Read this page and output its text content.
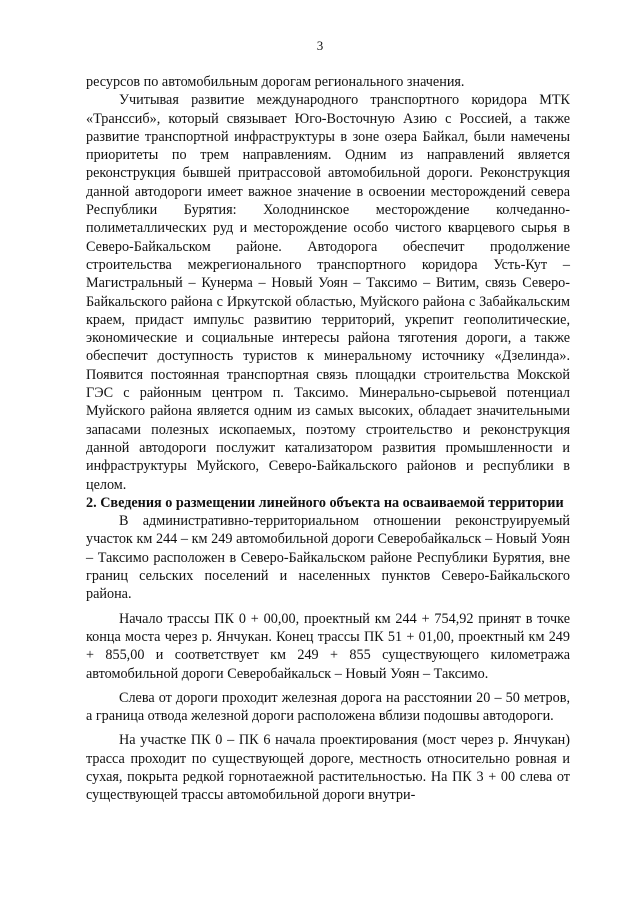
3

ресурсов по автомобильным дорогам регионального значения.

Учитывая развитие международного транспортного коридора МТК «Транссиб», который связывает Юго-Восточную Азию с Россией, а также развитие транспортной инфраструктуры в зоне озера Байкал, были намечены приоритеты по трем направлениям. Одним из направлений является реконструкция бывшей притрассовой автомобильной дороги. Реконструкция данной автодороги имеет важное значение в освоении месторождений севера Республики Бурятия: Холоднинское месторождение колчеданно-полиметаллических руд и месторождение особо чистого кварцевого сырья в Северо-Байкальском районе. Автодорога обеспечит продолжение строительства межрегионального транспортного коридора Усть-Кут – Магистральный – Кунерма – Новый Уоян – Таксимо – Витим, связь Северо-Байкальского района с Иркутской областью, Муйского района с Забайкальским краем, придаст импульс развитию территорий, укрепит геополитические, экономические и социальные интересы района тяготения дороги, а также обеспечит доступность туристов к минеральному источнику «Дзелинда». Появится постоянная транспортная связь площадки строительства Мокской ГЭС с районным центром п. Таксимо. Минерально-сырьевой потенциал Муйского района является одним из самых высоких, обладает значительными запасами полезных ископаемых, поэтому строительство и реконструкция данной автодороги послужит катализатором развития промышленности и инфраструктуры Муйского, Северо-Байкальского районов и республики в целом.

2. Сведения о размещении линейного объекта на осваиваемой территории

В административно-территориальном отношении реконструируемый участок км 244 – км 249 автомобильной дороги Северобайкальск – Новый Уоян – Таксимо расположен в Северо-Байкальском районе Республики Бурятия, вне границ сельских поселений и населенных пунктов Северо-Байкальского района.

Начало трассы ПК 0 + 00,00, проектный км 244 + 754,92 принят в точке конца моста через р. Янчукан. Конец трассы ПК 51 + 01,00, проектный км 249 + 855,00 и соответствует км 249 + 855 существующего километража автомобильной дороги Северобайкальск – Новый Уоян – Таксимо.

Слева от дороги проходит железная дорога на расстоянии 20 – 50 метров, а граница отвода железной дороги расположена вблизи подошвы автодороги.

На участке ПК 0 – ПК 6 начала проектирования (мост через р. Янчукан) трасса проходит по существующей дороге, местность относительно ровная и сухая, покрыта редкой горнотаежной растительностью. На ПК 3 + 00 слева от существующей трассы автомобильной дороги внутри-
